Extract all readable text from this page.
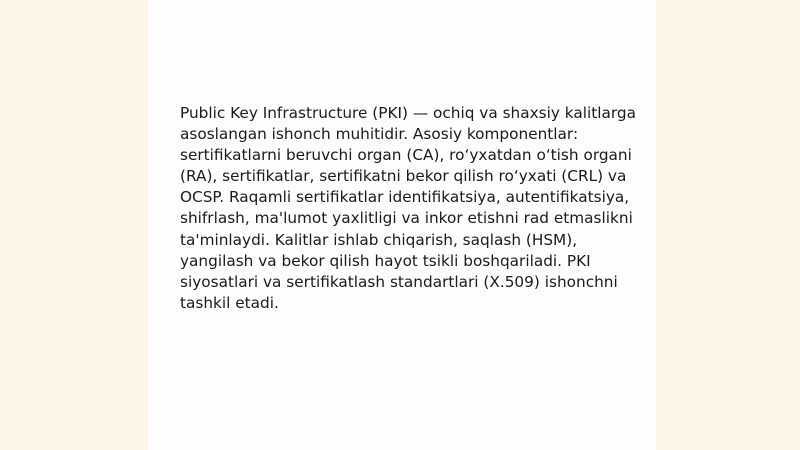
Public Key Infrastructure (PKI) — ochiq va shaxsiy kalitlarga asoslangan ishonch muhitidir. Asosiy komponentlar: sertifikatlarni beruvchi organ (CA), ro‘yxatdan o‘tish organi (RA), sertifikatlar, sertifikatni bekor qilish ro‘yxati (CRL) va OCSP. Raqamli sertifikatlar identifikatsiya, autentifikatsiya, shifrlash, ma'lumot yaxlitligi va inkor etishni rad etmaslikni ta'minlaydi. Kalitlar ishlab chiqarish, saqlash (HSM), yangilash va bekor qilish hayot tsikli boshqariladi. PKI siyosatlari va sertifikatlash standartlari (X.509) ishonchni tashkil etadi.
